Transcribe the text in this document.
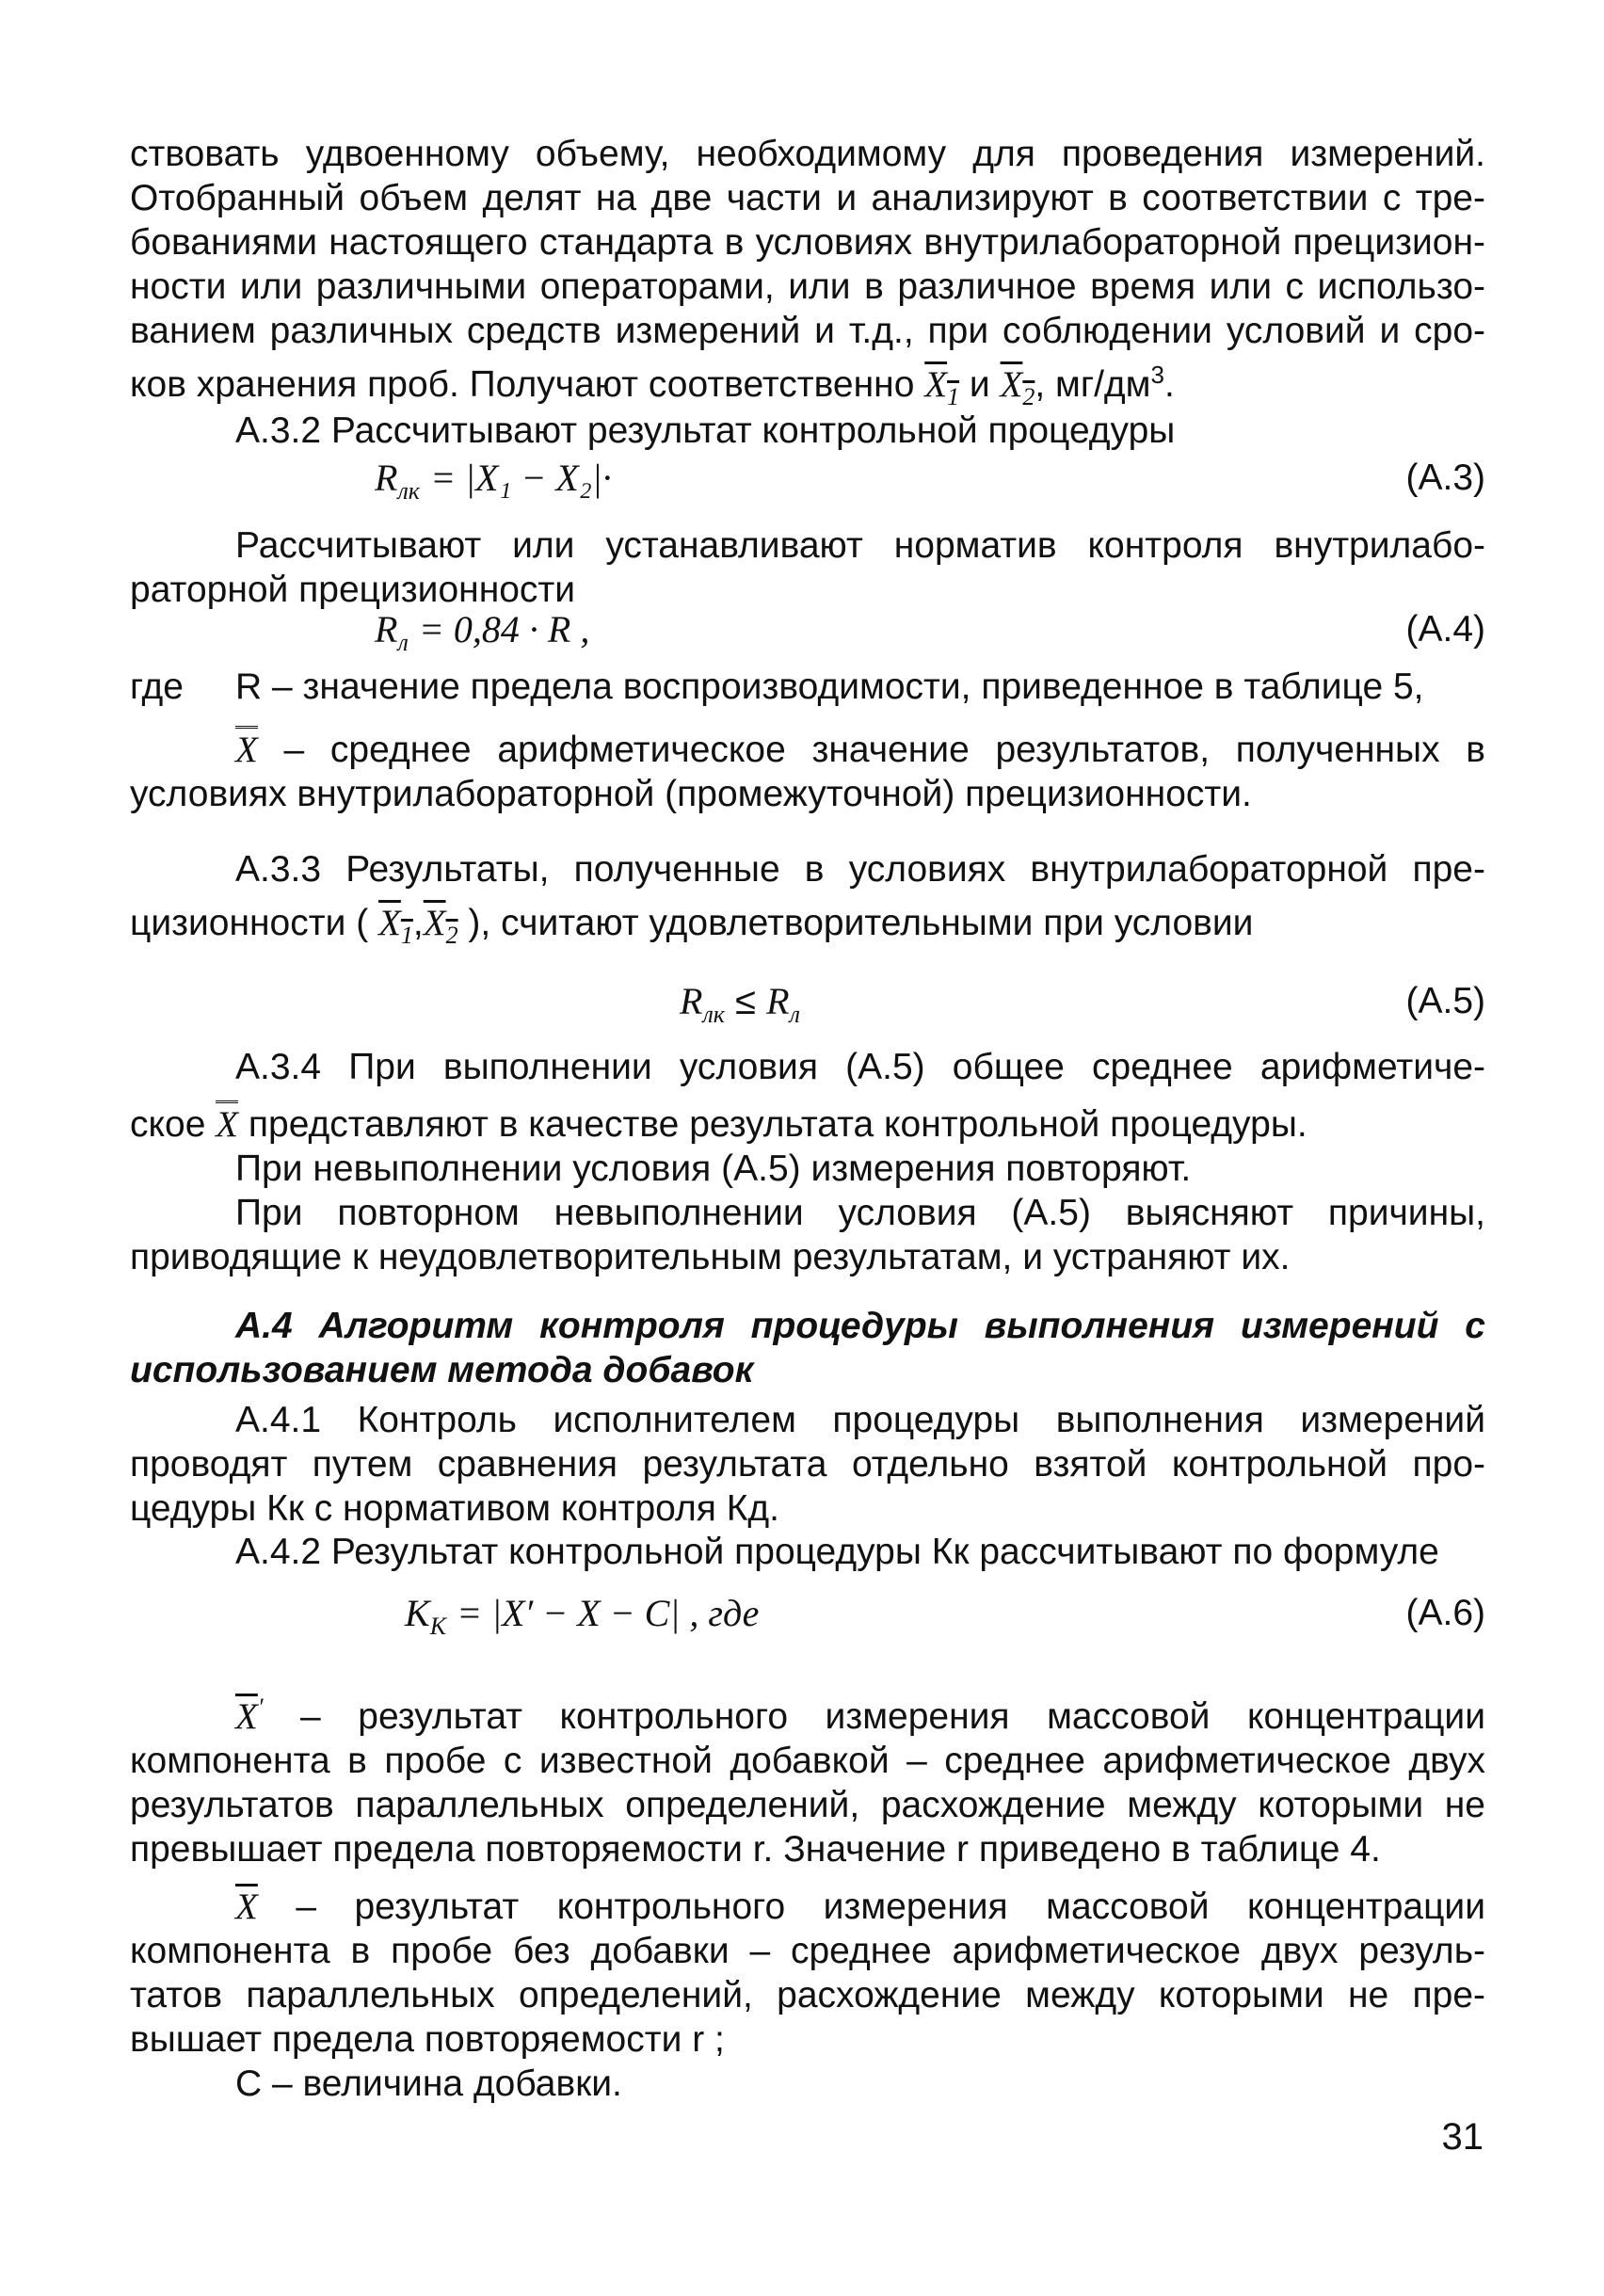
ствовать удвоенному объему, необходимому для проведения измерений.
Отобранный объем делят на две части и анализируют в соответствии с тре-
бованиями настоящего стандарта в условиях внутрилабораторной прецизион-
ности или различными операторами, или в различное время или с использо-
ванием различных средств измерений и т.д., при соблюдении условий и сро-
ков хранения проб. Получают соответственно $X_1$ и $X_2$, $мг/дм^3$.
А.3.2 Рассчитывают результат контрольной процедуры
$R_{лк} = |X_1 - X_2|\cdot$	(А.3)
Рассчитывают или устанавливают норматив контроля внутрилабо-
раторной прецизионности
$R_л = 0,84 \cdot R$ ,	(А.4)
где	R – значение предела воспроизводимости, приведенное в таблице 5,
X – среднее арифметическое значение результатов, полученных в
условиях внутрилабораторной (промежуточной) прецизионности.
А.3.3 Результаты, полученные в условиях внутрилабораторной пре-
цизионности ( $X_1,X_2$ ), считают удовлетворительными при условии
$R_{лк} \le R_л$	(А.5)
А.3.4 При выполнении условия (А.5) общее среднее арифметиче-
ское X представляют в качестве результата контрольной процедуры.
При невыполнении условия (А.5) измерения повторяют.
При повторном невыполнении условия (А.5) выясняют причины,
приводящие к неудовлетворительным результатам, и устраняют их.
А.4 Алгоритм контроля процедуры выполнения измерений с
использованием метода добавок
А.4.1 Контроль исполнителем процедуры выполнения измерений
проводят путем сравнения результата отдельно взятой контрольной про-
цедуры Кк с нормативом контроля Кд.
А.4.2 Результат контрольной процедуры Кк рассчитывают по формуле
$K_К = |X' - X - C|$ , где	(А.6)
$\overline{X}'$ – результат контрольного измерения массовой концентрации
компонента в пробе с известной добавкой – среднее арифметическое двух
результатов параллельных определений, расхождение между которыми не
превышает предела повторяемости r. Значение r приведено в таблице 4.
$\overline{X}$ – результат контрольного измерения массовой концентрации
компонента в пробе без добавки – среднее арифметическое двух резуль-
татов параллельных определений, расхождение между которыми не пре-
вышает предела повторяемости r ;
С – величина добавки.
31
